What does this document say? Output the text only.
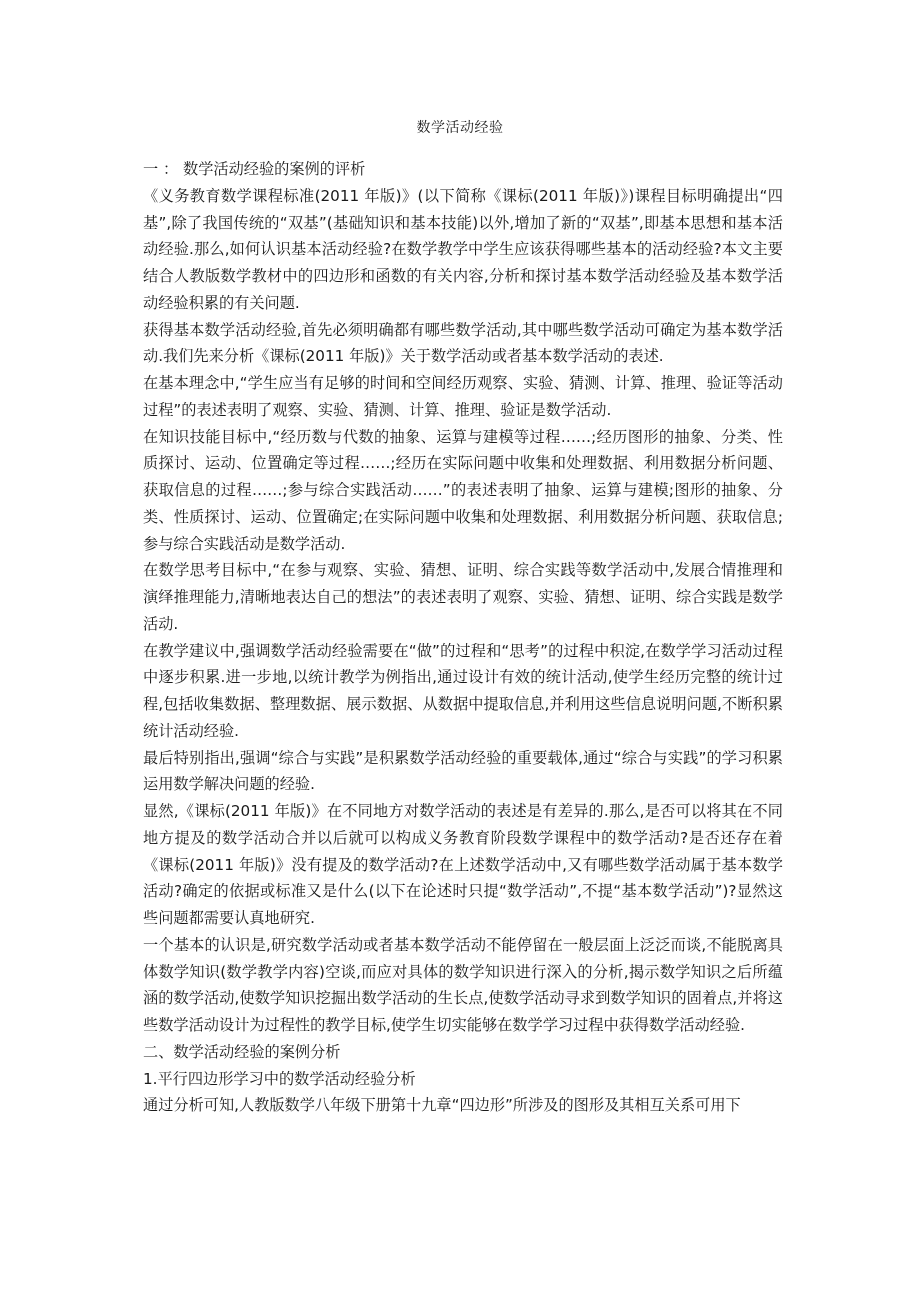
数学活动经验

一 ： 数学活动经验的案例的评析

《义务教育数学课程标准(2011 年版)》(以下简称《课标(2011 年版)》)课程目标明确提出“四基”,除了我国传统的“双基”(基础知识和基本技能)以外,增加了新的“双基”,即基本思想和基本活动经验.那么,如何认识基本活动经验?在数学教学中学生应该获得哪些基本的活动经验?本文主要结合人教版数学教材中的四边形和函数的有关内容,分析和探讨基本数学活动经验及基本数学活动经验积累的有关问题.

获得基本数学活动经验,首先必须明确都有哪些数学活动,其中哪些数学活动可确定为基本数学活动.我们先来分析《课标(2011 年版)》关于数学活动或者基本数学活动的表述.

在基本理念中,“学生应当有足够的时间和空间经历观察、实验、猜测、计算、推理、验证等活动过程”的表述表明了观察、实验、猜测、计算、推理、验证是数学活动.

在知识技能目标中,“经历数与代数的抽象、运算与建模等过程……;经历图形的抽象、分类、性质探讨、运动、位置确定等过程……;经历在实际问题中收集和处理数据、利用数据分析问题、获取信息的过程……;参与综合实践活动……”的表述表明了抽象、运算与建模;图形的抽象、分类、性质探讨、运动、位置确定;在实际问题中收集和处理数据、利用数据分析问题、获取信息;参与综合实践活动是数学活动.

在数学思考目标中,“在参与观察、实验、猜想、证明、综合实践等数学活动中,发展合情推理和演绎推理能力,清晰地表达自己的想法”的表述表明了观察、实验、猜想、证明、综合实践是数学活动.

在教学建议中,强调数学活动经验需要在“做”的过程和“思考”的过程中积淀,在数学学习活动过程中逐步积累.进一步地,以统计教学为例指出,通过设计有效的统计活动,使学生经历完整的统计过程,包括收集数据、整理数据、展示数据、从数据中提取信息,并利用这些信息说明问题,不断积累统计活动经验.

最后特别指出,强调“综合与实践”是积累数学活动经验的重要载体,通过“综合与实践”的学习积累运用数学解决问题的经验.

显然,《课标(2011 年版)》在不同地方对数学活动的表述是有差异的.那么,是否可以将其在不同地方提及的数学活动合并以后就可以构成义务教育阶段数学课程中的数学活动?是否还存在着《课标(2011 年版)》没有提及的数学活动?在上述数学活动中,又有哪些数学活动属于基本数学活动?确定的依据或标准又是什么(以下在论述时只提“数学活动”,不提“基本数学活动”)?显然这些问题都需要认真地研究.

一个基本的认识是,研究数学活动或者基本数学活动不能停留在一般层面上泛泛而谈,不能脱离具体数学知识(数学教学内容)空谈,而应对具体的数学知识进行深入的分析,揭示数学知识之后所蕴涵的数学活动,使数学知识挖掘出数学活动的生长点,使数学活动寻求到数学知识的固着点,并将这些数学活动设计为过程性的教学目标,使学生切实能够在数学学习过程中获得数学活动经验.

二、数学活动经验的案例分析

1.平行四边形学习中的数学活动经验分析

通过分析可知,人教版数学八年级下册第十九章“四边形”所涉及的图形及其相互关系可用下
